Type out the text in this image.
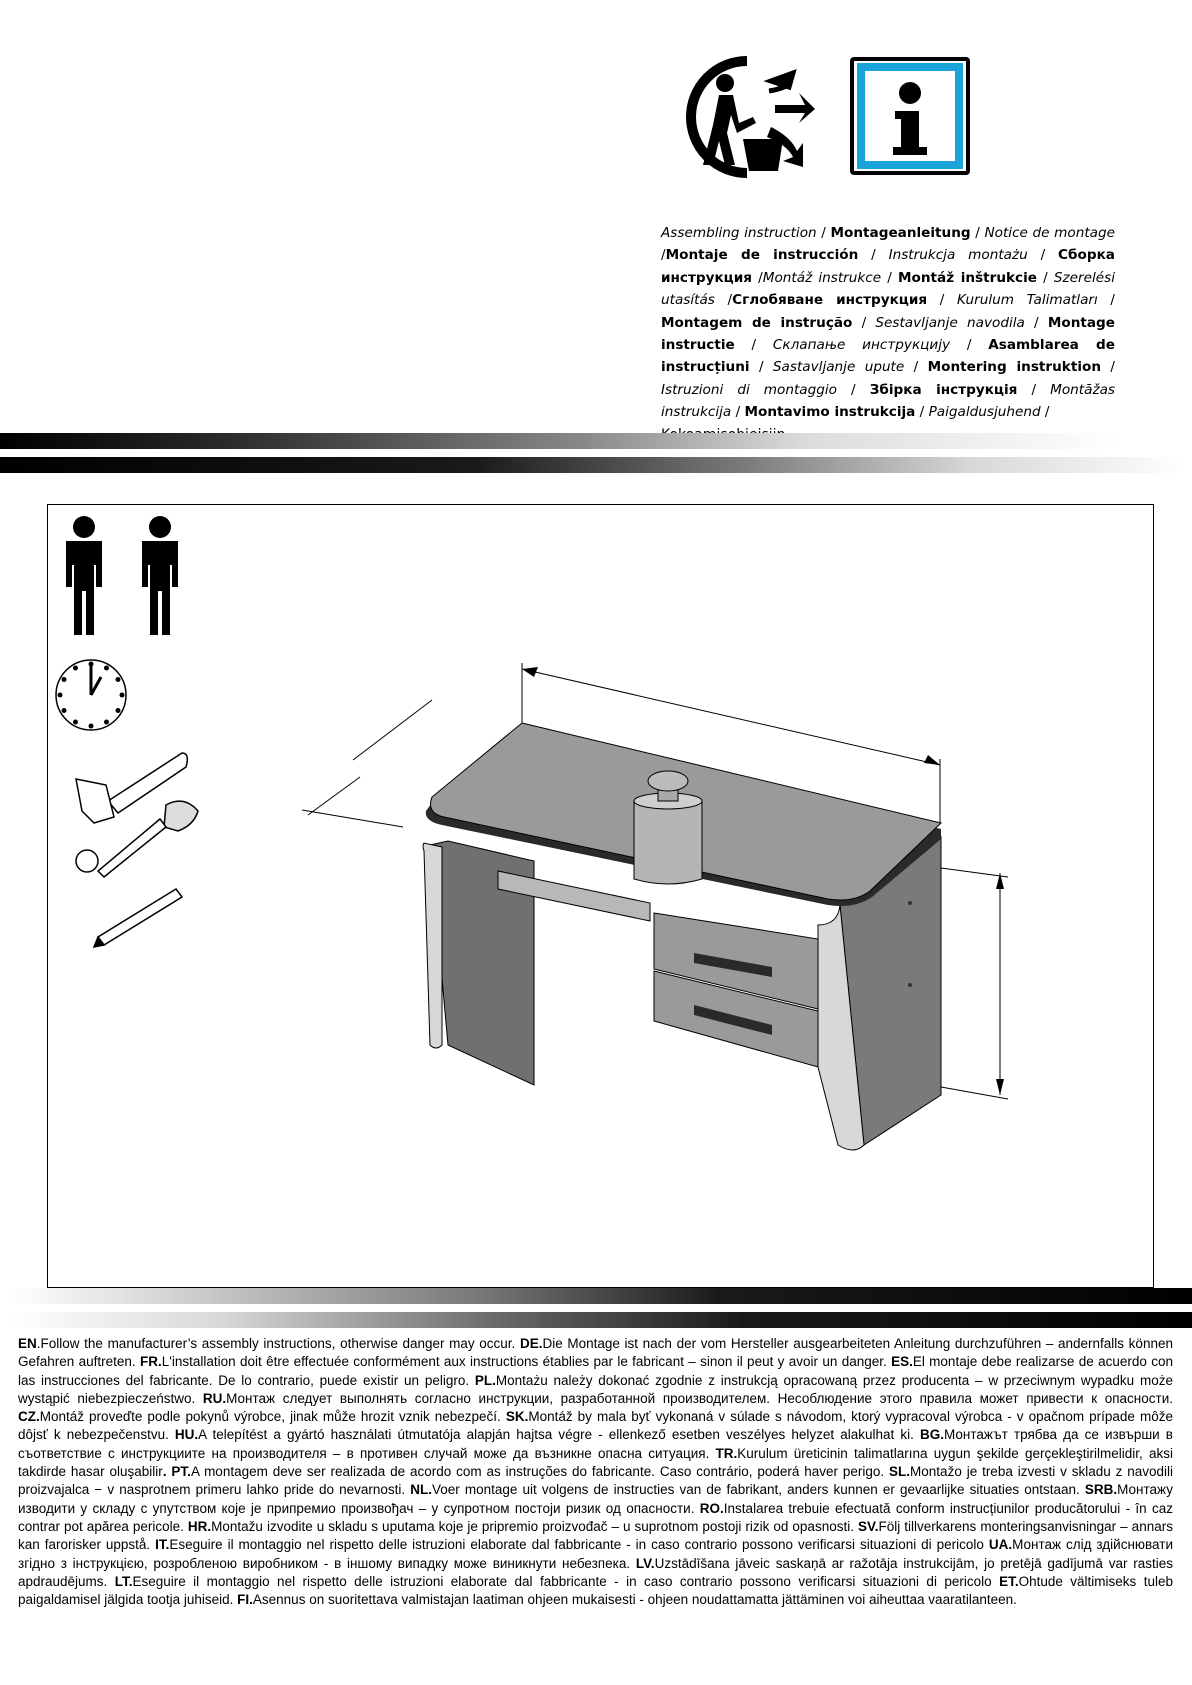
Assembling instruction / Montageanleitung / Notice de montage /Montaje de instrucción / Instrukcja montażu / Сборка инструкция /Montáž instrukce / Montáž inštrukcie / Szerelési utasítás /Сглобяване инструкция / Kurulum Talimatları / Montagem de instrução / Sestavljanje navodila / Montage instructie / Склапање инструкцију / Asamblarea de instrucțiuni / Sastavljanje upute / Montering instruktion / Istruzioni di montaggio / Збірка інструкція / Montāžas instrukcija / Montavimo instrukcija / Paigaldusjuhend /

EN.Follow the manufacturer’s assembly instructions, otherwise danger may occur. DE.Die Montage ist nach der vom Hersteller ausgearbeiteten Anleitung durchzuführen – andernfalls können Gefahren auftreten. FR.L'installation doit être effectuée conformément aux instructions établies par le fabricant – sinon il peut y avoir un danger. ES.El montaje debe realizarse de acuerdo con las instrucciones del fabricante. De lo contrario, puede existir un peligro. PL.Montażu należy dokonać zgodnie z instrukcją opracowaną przez producenta – w przeciwnym wypadku może wystąpić niebezpieczeństwo. RU.Монтаж следует выполнять согласно инструкции, разработанной производителем. Несоблюдение этого правила может привести к опасности. CZ.Montáž proveďte podle pokynů výrobce, jinak může hrozit vznik nebezpečí. SK.Montáž by mala byť vykonaná v súlade s návodom, ktorý vypracoval výrobca - v opačnom prípade môže dôjsť k nebezpečenstvu. HU.A telepítést a gyártó használati útmutatója alapján hajtsa végre - ellenkező esetben veszélyes helyzet alakulhat ki. BG.Монтажът трябва да се извърши в съответствие с инструкциите на производителя – в противен случай може да възникне опасна ситуация. TR.Kurulum üreticinin talimatlarına uygun şekilde gerçekleştirilmelidir, aksi takdirde hasar oluşabilir. PT.A montagem deve ser realizada de acordo com as instruções do fabricante. Caso contrário, poderá haver perigo. SL.Montažo je treba izvesti v skladu z navodili proizvajalca − v nasprotnem primeru lahko pride do nevarnosti. NL.Voer montage uit volgens de instructies van de fabrikant, anders kunnen er gevaarlijke situaties ontstaan. SRB.Монтажу изводити у складу с упутством које је припремио произвођач – у супротном постоји ризик од опасности. RO.Instalarea trebuie efectuată conform instrucțiunilor producătorului - în caz contrar pot apărea pericole. HR.Montažu izvodite u skladu s uputama koje je pripremio proizvođač – u suprotnom postoji rizik od opasnosti. SV.Följ tillverkarens monteringsanvisningar – annars kan farorisker uppstå. IT.Eseguire il montaggio nel rispetto delle istruzioni elaborate dal fabbricante - in caso contrario possono verificarsi situazioni di pericolo UA.Монтаж слід здійснювати згідно з інструкцією, розробленою виробником - в іншому випадку може виникнути небезпека. LV.Uzstādīšana jāveic saskaņā ar ražotāja instrukcijām, jo pretējā gadījumā var rasties apdraudējums. LT.Eseguire il montaggio nel rispetto delle istruzioni elaborate dal fabbricante - in caso contrario possono verificarsi situazioni di pericolo ET.Ohtude vältimiseks tuleb paigaldamisel jälgida tootja juhiseid. FI.Asennus on suoritettava valmistajan laatiman ohjeen mukaisesti - ohjeen noudattamatta jättäminen voi aiheuttaa vaaratilanteen.
